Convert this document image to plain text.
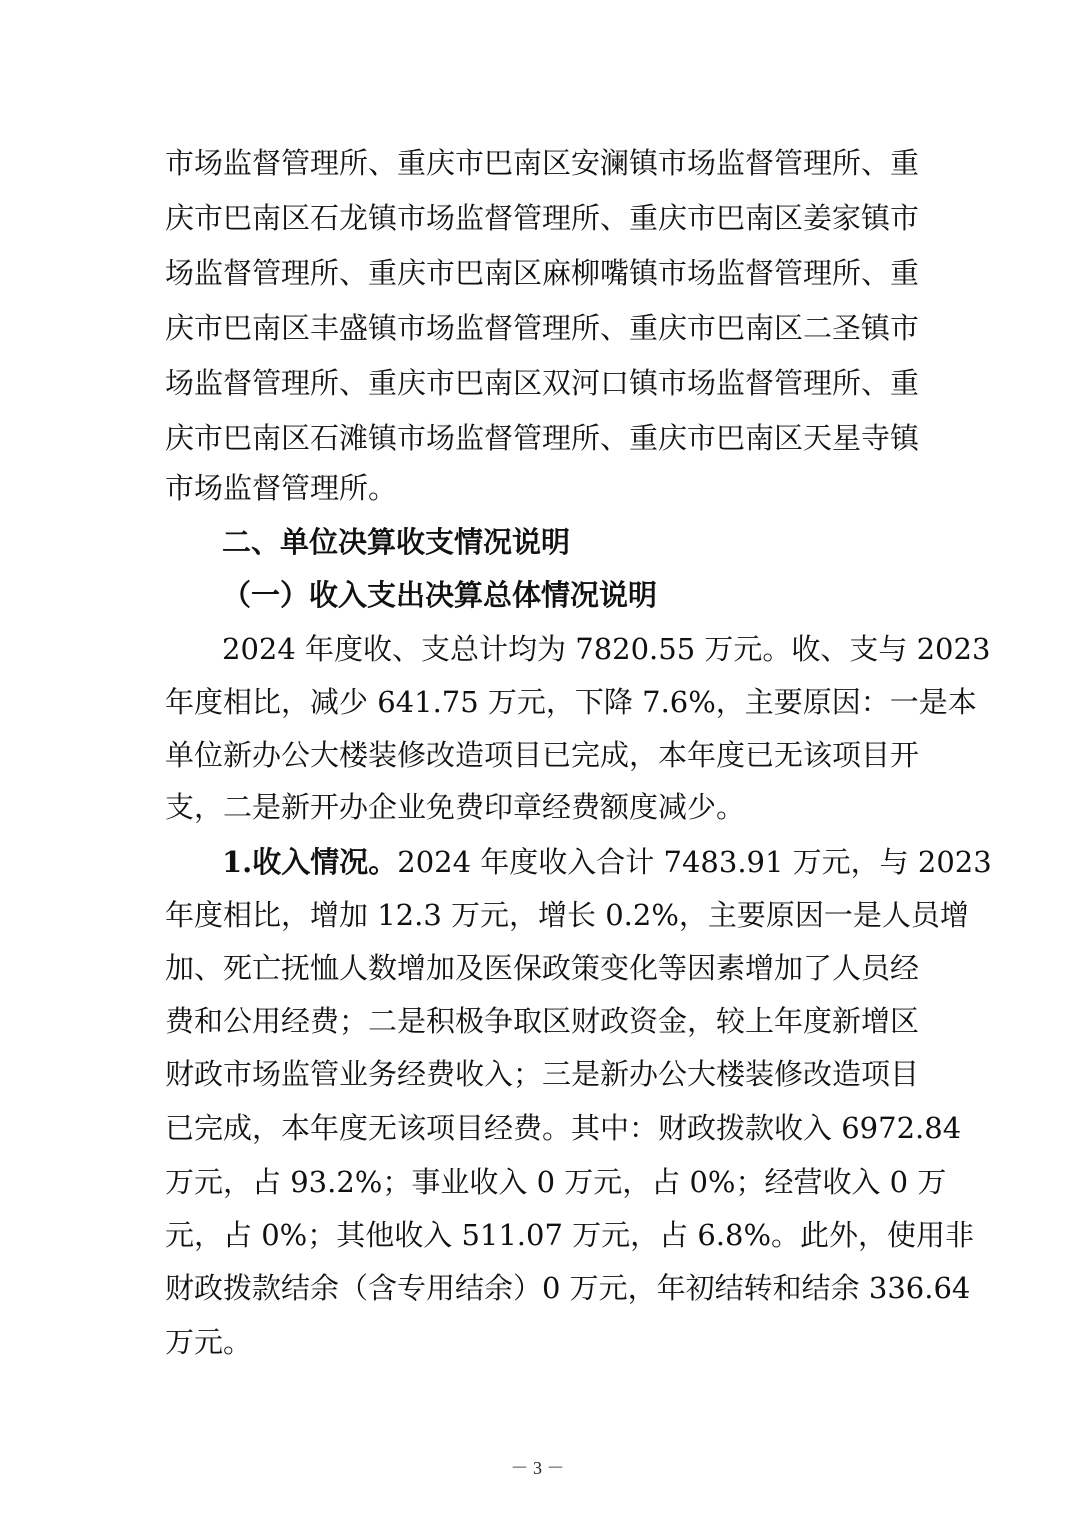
市场监督管理所、重庆市巴南区安澜镇市场监督管理所、重
庆市巴南区石龙镇市场监督管理所、重庆市巴南区姜家镇市
场监督管理所、重庆市巴南区麻柳嘴镇市场监督管理所、重
庆市巴南区丰盛镇市场监督管理所、重庆市巴南区二圣镇市
场监督管理所、重庆市巴南区双河口镇市场监督管理所、重
庆市巴南区石滩镇市场监督管理所、重庆市巴南区天星寺镇
市场监督管理所。
二、单位决算收支情况说明
（一）收入支出决算总体情况说明
2024 年度收、支总计均为 7820.55 万元。收、支与 2023
年度相比，减少 641.75 万元，下降 7.6%，主要原因：一是本
单位新办公大楼装修改造项目已完成，本年度已无该项目开
支，二是新开办企业免费印章经费额度减少。
1.收入情况。2024 年度收入合计 7483.91 万元，与 2023
年度相比，增加 12.3 万元，增长 0.2%，主要原因一是人员增
加、死亡抚恤人数增加及医保政策变化等因素增加了人员经
费和公用经费；二是积极争取区财政资金，较上年度新增区
财政市场监管业务经费收入；三是新办公大楼装修改造项目
已完成，本年度无该项目经费。其中：财政拨款收入 6972.84
万元，占 93.2%；事业收入 0 万元，占 0%；经营收入 0 万
元，占 0%；其他收入 511.07 万元，占 6.8%。此外，使用非
财政拨款结余（含专用结余）0 万元，年初结转和结余 336.64
万元。
－ 3 －
